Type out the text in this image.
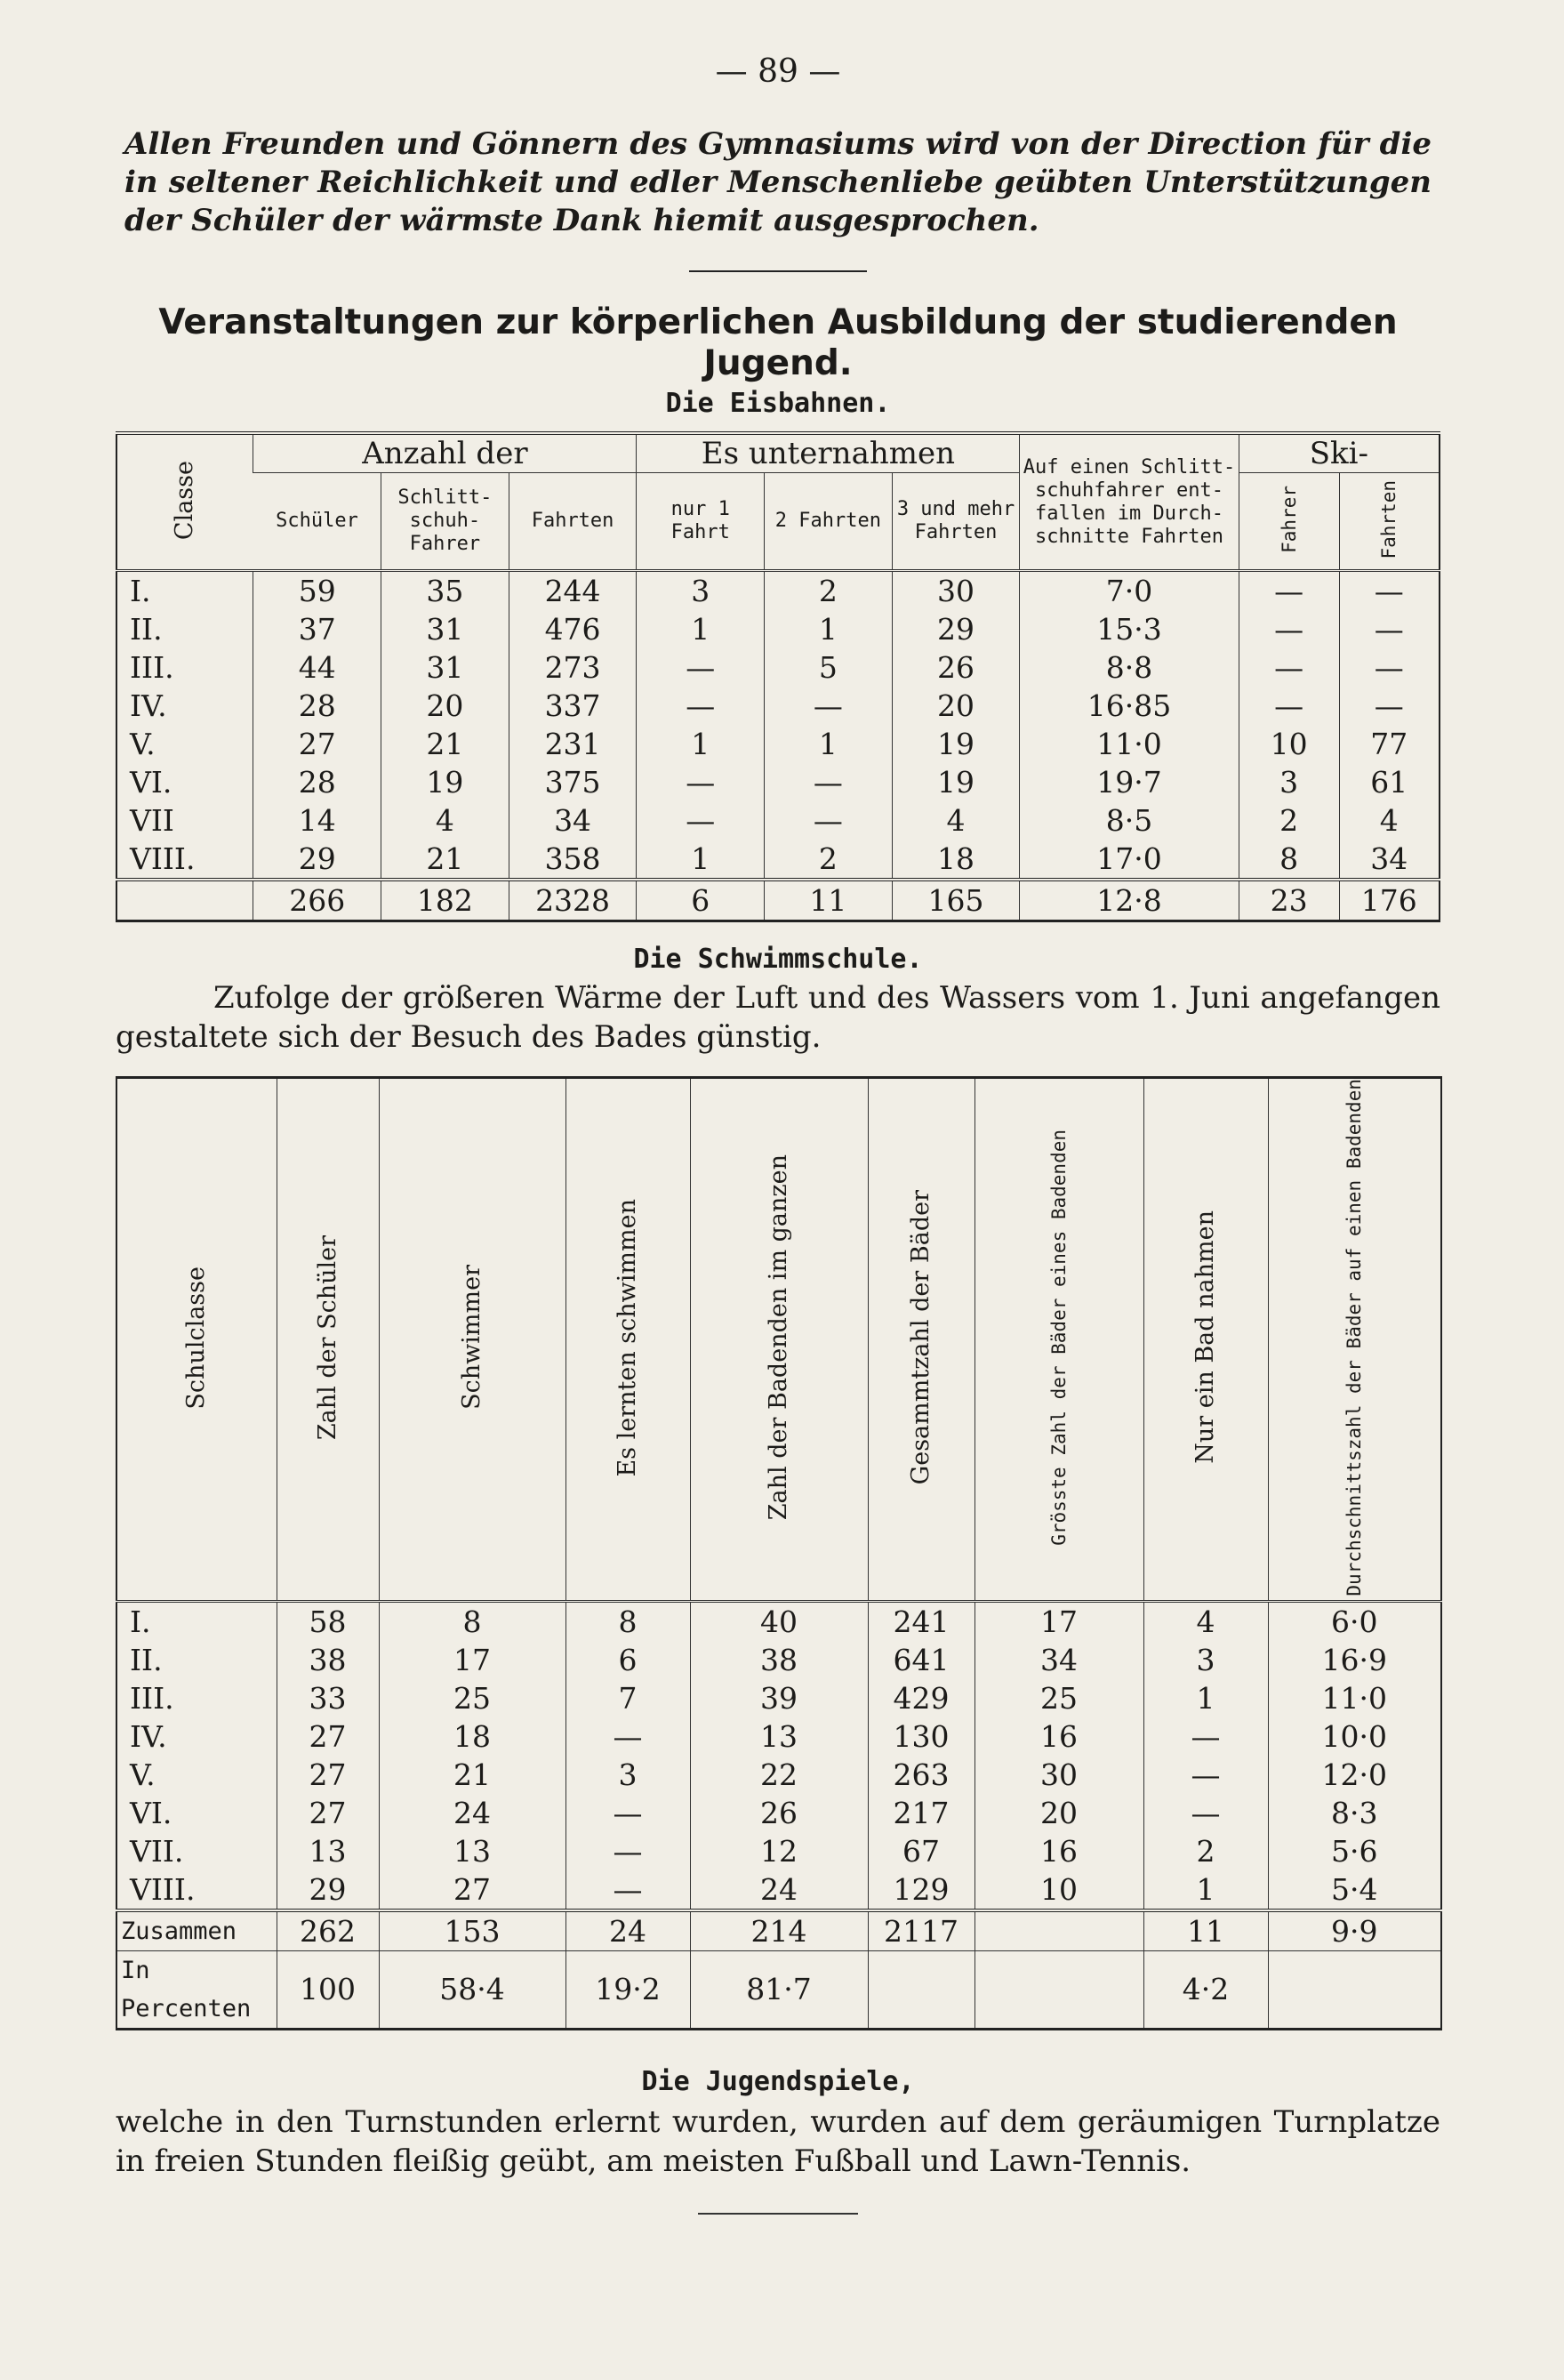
— 89 —
Allen Freunden und Gönnern des Gymnasiums wird von der Direction für die in seltener Reichlichkeit und edler Menschenliebe geübten Unterstützungen der Schüler der wärmste Dank hiemit ausgesprochen.
Veranstaltungen zur körperlichen Ausbildung der studierenden Jugend.
Die Eisbahnen.
Classe	Anzahl der			Es unternahmen			Auf einen Schlitt-schuhfahrer ent-fallen im Durch-schnitte Fahrten	Ski-	
	Schüler	Schlitt-schuh-Fahrer	Fahrten	nur 1 Fahrt	2 Fahrten	3 und mehr Fahrten		Fahrer	Fahrten
I.	59	35	244	3	2	30	7·0	—	—
II.	37	31	476	1	1	29	15·3	—	—
III.	44	31	273	—	5	26	8·8	—	—
IV.	28	20	337	—	—	20	16·85	—	—
V.	27	21	231	1	1	19	11·0	10	77
VI.	28	19	375	—	—	19	19·7	3	61
VII	14	4	34	—	—	4	8·5	2	4
VIII.	29	21	358	1	2	18	17·0	8	34
	266	182	2328	6	11	165	12·8	23	176
Die Schwimmschule.
Zufolge der größeren Wärme der Luft und des Wassers vom 1. Juni angefangen gestaltete sich der Besuch des Bades günstig.
Schulclasse	Zahl der Schüler	Schwimmer	Es lernten schwimmen	Zahl der Badenden im ganzen	Gesammtzahl der Bäder	Grösste Zahl der Bäder eines Badenden	Nur ein Bad nahmen	Durchschnittszahl der Bäder auf einen Badenden
I.	58	8	8	40	241	17	4	6·0
II.	38	17	6	38	641	34	3	16·9
III.	33	25	7	39	429	25	1	11·0
IV.	27	18	—	13	130	16	—	10·0
V.	27	21	3	22	263	30	—	12·0
VI.	27	24	—	26	217	20	—	8·3
VII.	13	13	—	12	67	16	2	5·6
VIII.	29	27	—	24	129	10	1	5·4
Zusammen	262	153	24	214	2117		11	9·9
In Percenten	100	58·4	19·2	81·7			4·2	
Die Jugendspiele,
welche in den Turnstunden erlernt wurden, wurden auf dem geräumigen Turnplatze in freien Stunden fleißig geübt, am meisten Fußball und Lawn-Tennis.
